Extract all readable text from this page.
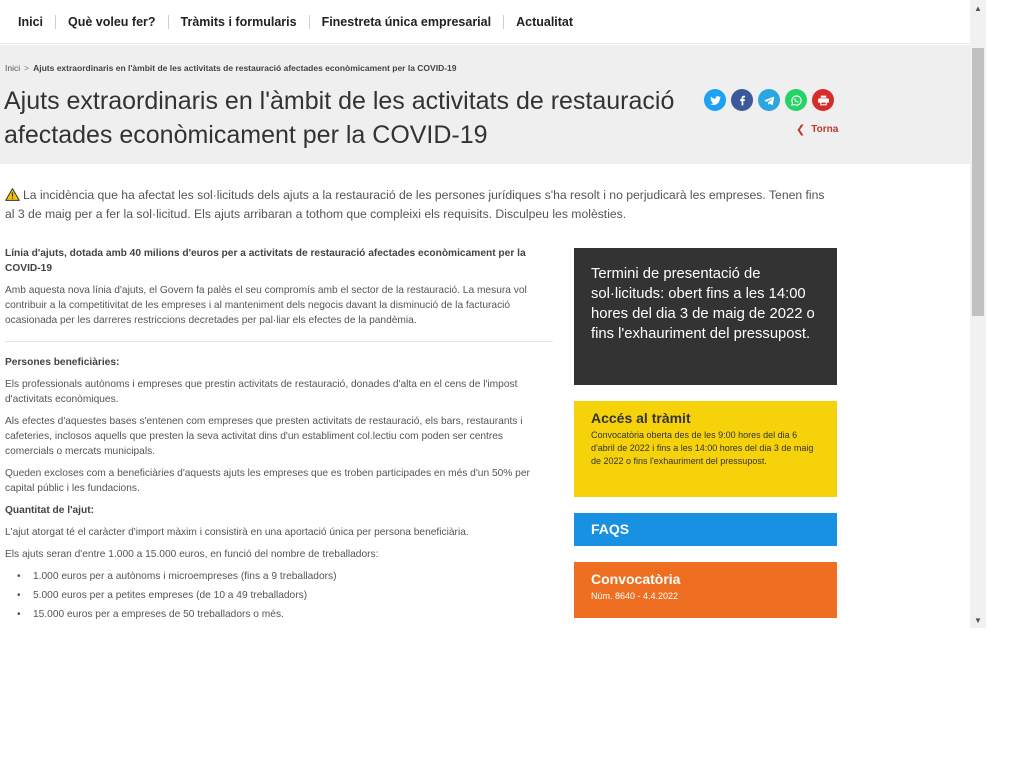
Inici	Què voleu fer?	Tràmits i formularis	Finestreta única empresarial	Actualitat
Inici > Ajuts extraordinaris en l'àmbit de les activitats de restauració afectades econòmicament per la COVID-19
Ajuts extraordinaris en l'àmbit de les activitats de restauració afectades econòmicament per la COVID-19	❮ Torna
La incidència que ha afectat les sol·licituds dels ajuts a la restauració de les persones jurídiques s'ha resolt i no perjudicarà les empreses. Tenen fins al 3 de maig per a fer la sol·licitud. Els ajuts arribaran a tothom que compleixi els requisits. Disculpeu les molèsties.

Línia d'ajuts, dotada amb 40 milions d'euros per a activitats de restauració afectades econòmicament per la COVID-19

Amb aquesta nova línia d'ajuts, el Govern fa palès el seu compromís amb el sector de la restauració. La mesura vol contribuir a la competitivitat de les empreses i al manteniment dels negocis davant la disminució de la facturació ocasionada per les darreres restriccions decretades per pal·liar els efectes de la pandèmia.

Persones beneficiàries:

Els professionals autònoms i empreses que prestin activitats de restauració, donades d'alta en el cens de l'impost d'activitats econòmiques.

Als efectes d'aquestes bases s'entenen com empreses que presten activitats de restauració, els bars, restaurants i cafeteries, inclosos aquells que presten la seva activitat dins d'un establiment col.lectiu com poden ser centres comercials o mercats municipals.

Queden excloses com a beneficiàries d'aquests ajuts les empreses que es troben participades en més d'un 50% per capital públic i les fundacions.

Quantitat de l'ajut:

L'ajut atorgat té el caràcter d'import màxim i consistirà en una aportació única per persona beneficiària.

Els ajuts seran d'entre 1.000 a 15.000 euros, en funció del nombre de treballadors:

• 1.000 euros per a autònoms i microempreses (fins a 9 treballadors)
• 5.000 euros per a petites empreses (de 10 a 49 treballadors)
• 15.000 euros per a empreses de 50 treballadors o més.
Termini de presentació de sol·licituds: obert fins a les 14:00 hores del dia 3 de maig de 2022 o fins l'exhauriment del pressupost.
Accés al tràmit
Convocatòria oberta des de les 9:00 hores del dia 6 d'abril de 2022 i fins a les 14:00 hores del dia 3 de maig de 2022 o fins l'exhauriment del pressupost.
FAQS
Convocatòria
Núm. 8640 - 4.4.2022
▲
▼
